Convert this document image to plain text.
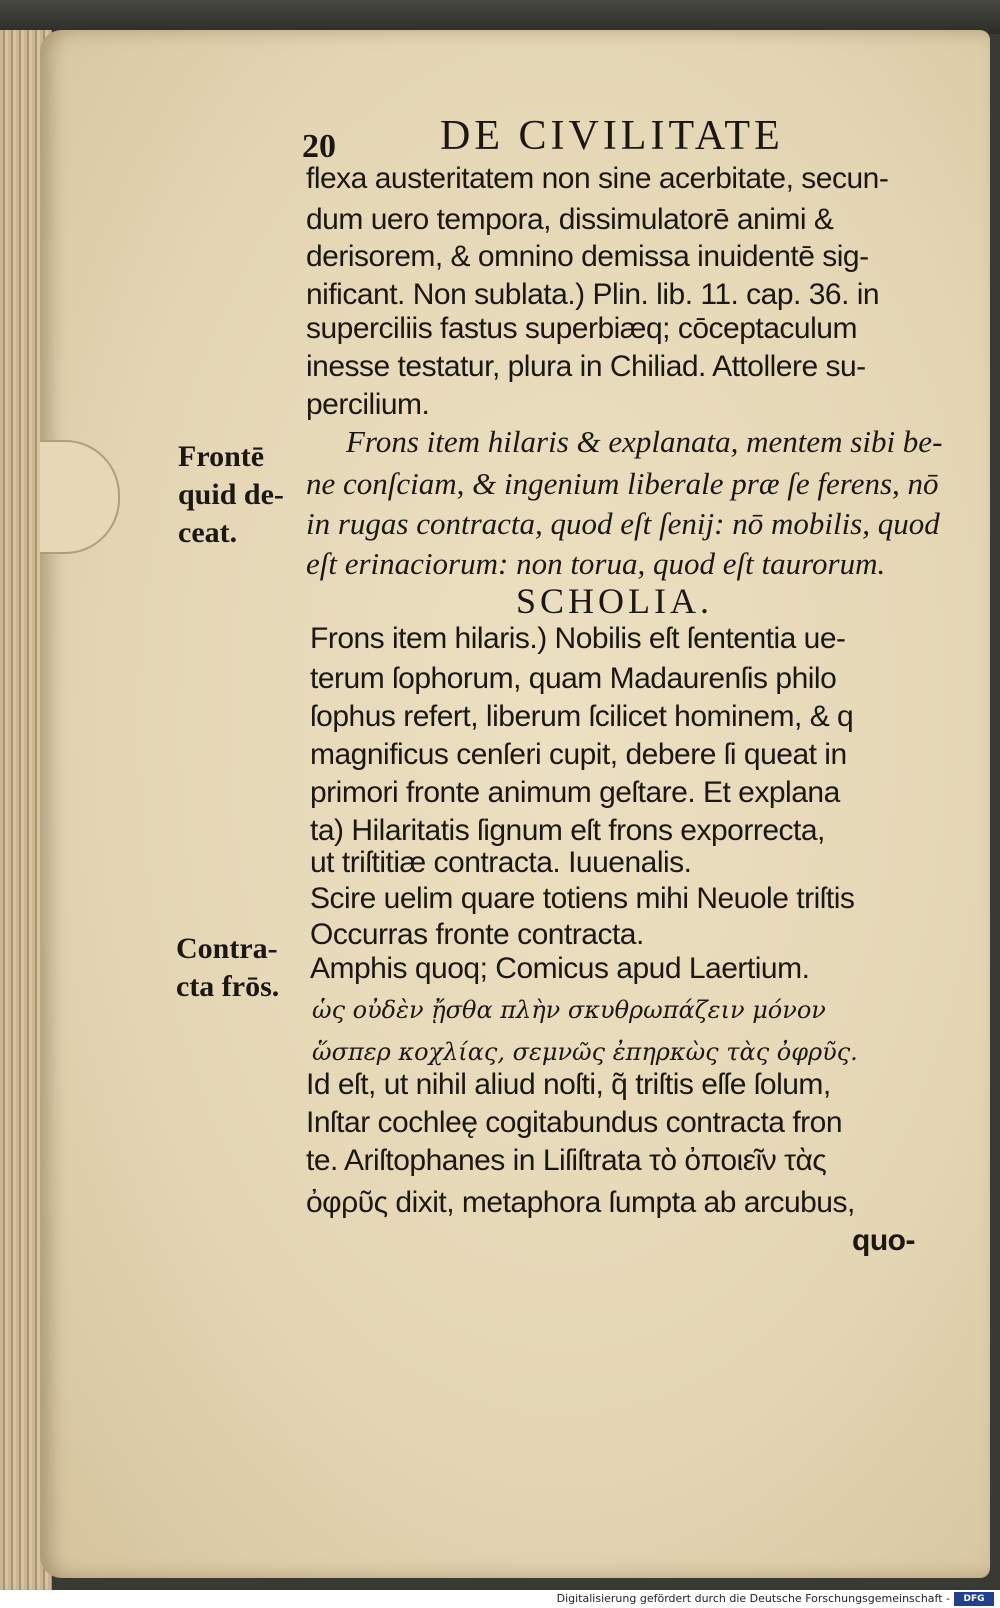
20 DE CIVILITATE
flexa austeritatem non sine acerbitate, secun-
dum uero tempora, dissimulatorē animi &
derisorem, & omnino demissa inuidentē sig-
nificant. Non sublata.) Plin. lib. 11. cap. 36. in
superciliis fastus superbiæq; cōceptaculum
inesse testatur, plura in Chiliad. Attollere su-
percilium.
Frontē
quid de-
ceat.
Frons item hilaris & explanata, mentem sibi be-
ne conſciam, & ingenium liberale præ ſe ferens, nō
in rugas contracta, quod eſt ſenij: nō mobilis, quod
eſt erinaciorum: non torua, quod eſt taurorum.
SCHOLIA.
Frons item hilaris.) Nobilis eſt ſententia ue-
terum ſophorum, quam Madaurenſis philo
ſophus refert, liberum ſcilicet hominem, & q
magnificus cenſeri cupit, debere ſi queat in
primori fronte animum geſtare. Et explana
ta) Hilaritatis ſignum eſt frons exporrecta,
ut triſtitiæ contracta. Iuuenalis.
Scire uelim quare totiens mihi Neuole triſtis
Occurras fronte contracta.
Amphis quoq; Comicus apud Laertium.
Contra-
cta frōs.
ὡς οὐδὲν ᾔσθα πλὴν σκυθρωπάζειν μόνον
ὥσπερ κοχλίας, σεμνῶς ἐπηρκὼς τὰς ὀφρῦς.
Id eſt, ut nihil aliud noſti, q̃ triſtis eſſe ſolum,
Inſtar cochleę cogitabundus contracta fron
te. Ariſtophanes in Liſiſtrata τὸ ὀποιεῖν τὰς
ὀφρῦς dixit, metaphora ſumpta ab arcubus,
quo-
Digitalisierung gefördert durch die Deutsche Forschungsgemeinschaft -	DFG
